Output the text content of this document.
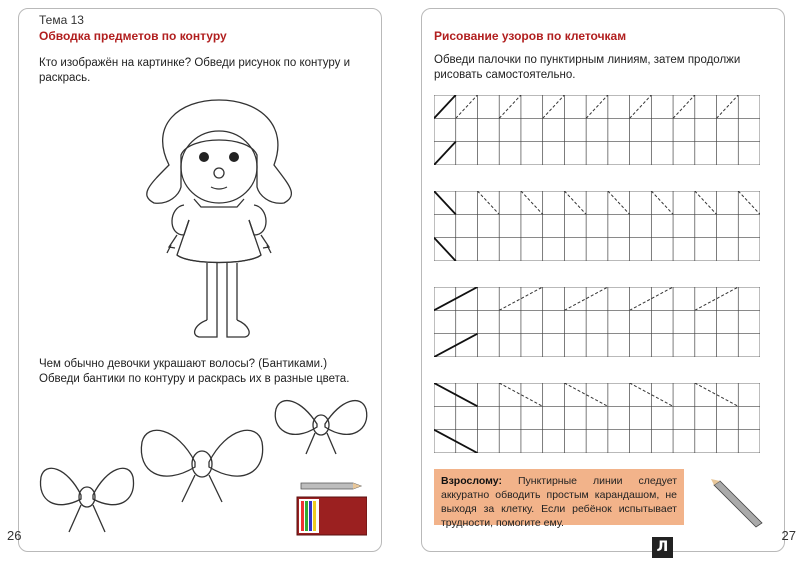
Тема 13
Обводка предметов по контуру
Кто изображён на картинке? Обведи рисунок по контуру и раскрась.
Чем обычно девочки украшают волосы? (Бантиками.) Обведи бантики по контуру и раскрась их в разные цвета.
26
Рисование узоров по клеточкам
Обведи палочки по пунктирным линиям, затем продолжи рисовать самостоятельно.
Взрослому: Пунктирные линии следует аккуратно обводить простым карандашом, не выходя за клетку. Если ребёнок испытывает трудности, помогите ему.
27
Л
